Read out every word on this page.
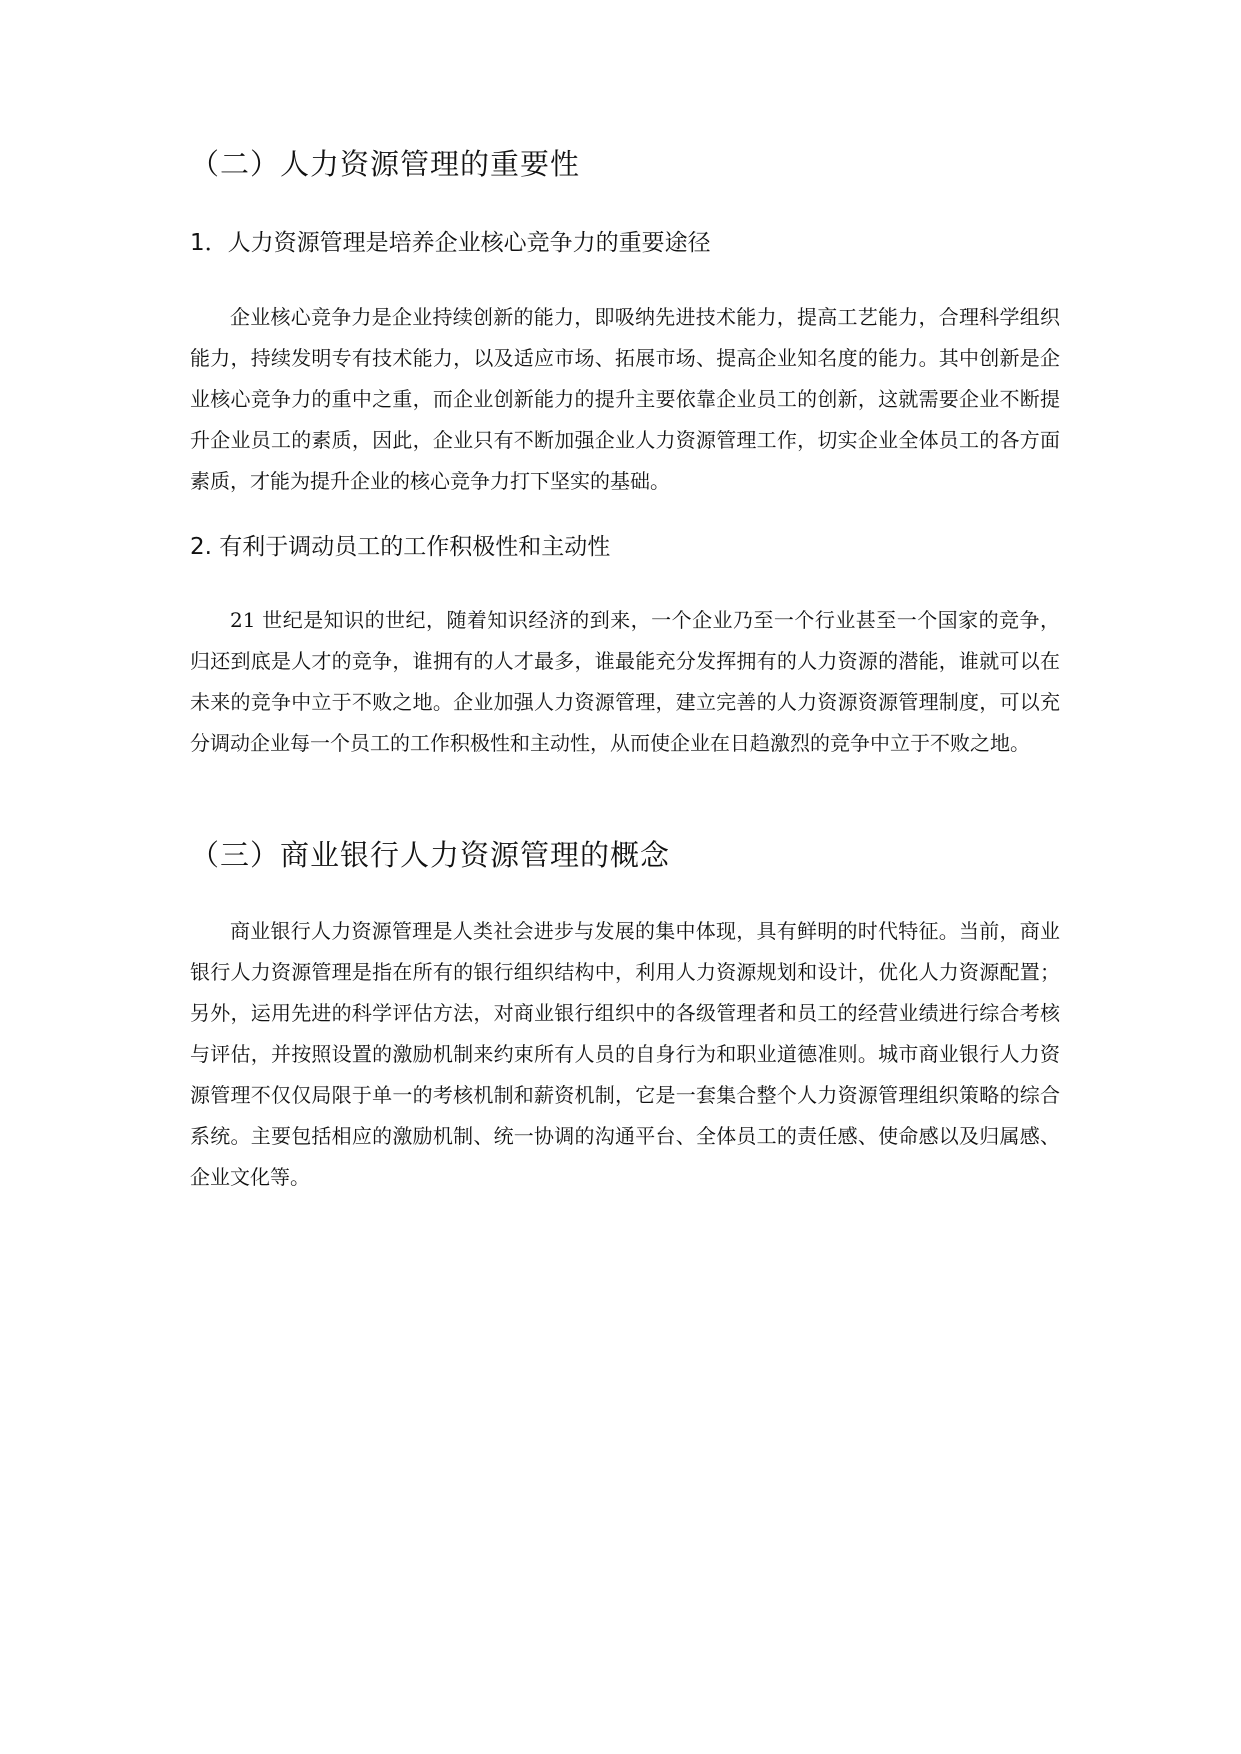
（二）人力资源管理的重要性
1．人力资源管理是培养企业核心竞争力的重要途径

企业核心竞争力是企业持续创新的能力，即吸纳先进技术能力，提高工艺能力，合理科学组织能力，持续发明专有技术能力，以及适应市场、拓展市场、提高企业知名度的能力。其中创新是企业核心竞争力的重中之重，而企业创新能力的提升主要依靠企业员工的创新，这就需要企业不断提升企业员工的素质，因此，企业只有不断加强企业人力资源管理工作，切实企业全体员工的各方面素质，才能为提升企业的核心竞争力打下坚实的基础。

2. 有利于调动员工的工作积极性和主动性

21 世纪是知识的世纪，随着知识经济的到来，一个企业乃至一个行业甚至一个国家的竞争，归还到底是人才的竞争，谁拥有的人才最多，谁最能充分发挥拥有的人力资源的潜能，谁就可以在未来的竞争中立于不败之地。企业加强人力资源管理，建立完善的人力资源资源管理制度，可以充分调动企业每一个员工的工作积极性和主动性，从而使企业在日趋激烈的竞争中立于不败之地。

（三）商业银行人力资源管理的概念

商业银行人力资源管理是人类社会进步与发展的集中体现，具有鲜明的时代特征。当前，商业银行人力资源管理是指在所有的银行组织结构中，利用人力资源规划和设计，优化人力资源配置；另外，运用先进的科学评估方法，对商业银行组织中的各级管理者和员工的经营业绩进行综合考核与评估，并按照设置的激励机制来约束所有人员的自身行为和职业道德准则。城市商业银行人力资源管理不仅仅局限于单一的考核机制和薪资机制，它是一套集合整个人力资源管理组织策略的综合系统。主要包括相应的激励机制、统一协调的沟通平台、全体员工的责任感、使命感以及归属感、企业文化等。
